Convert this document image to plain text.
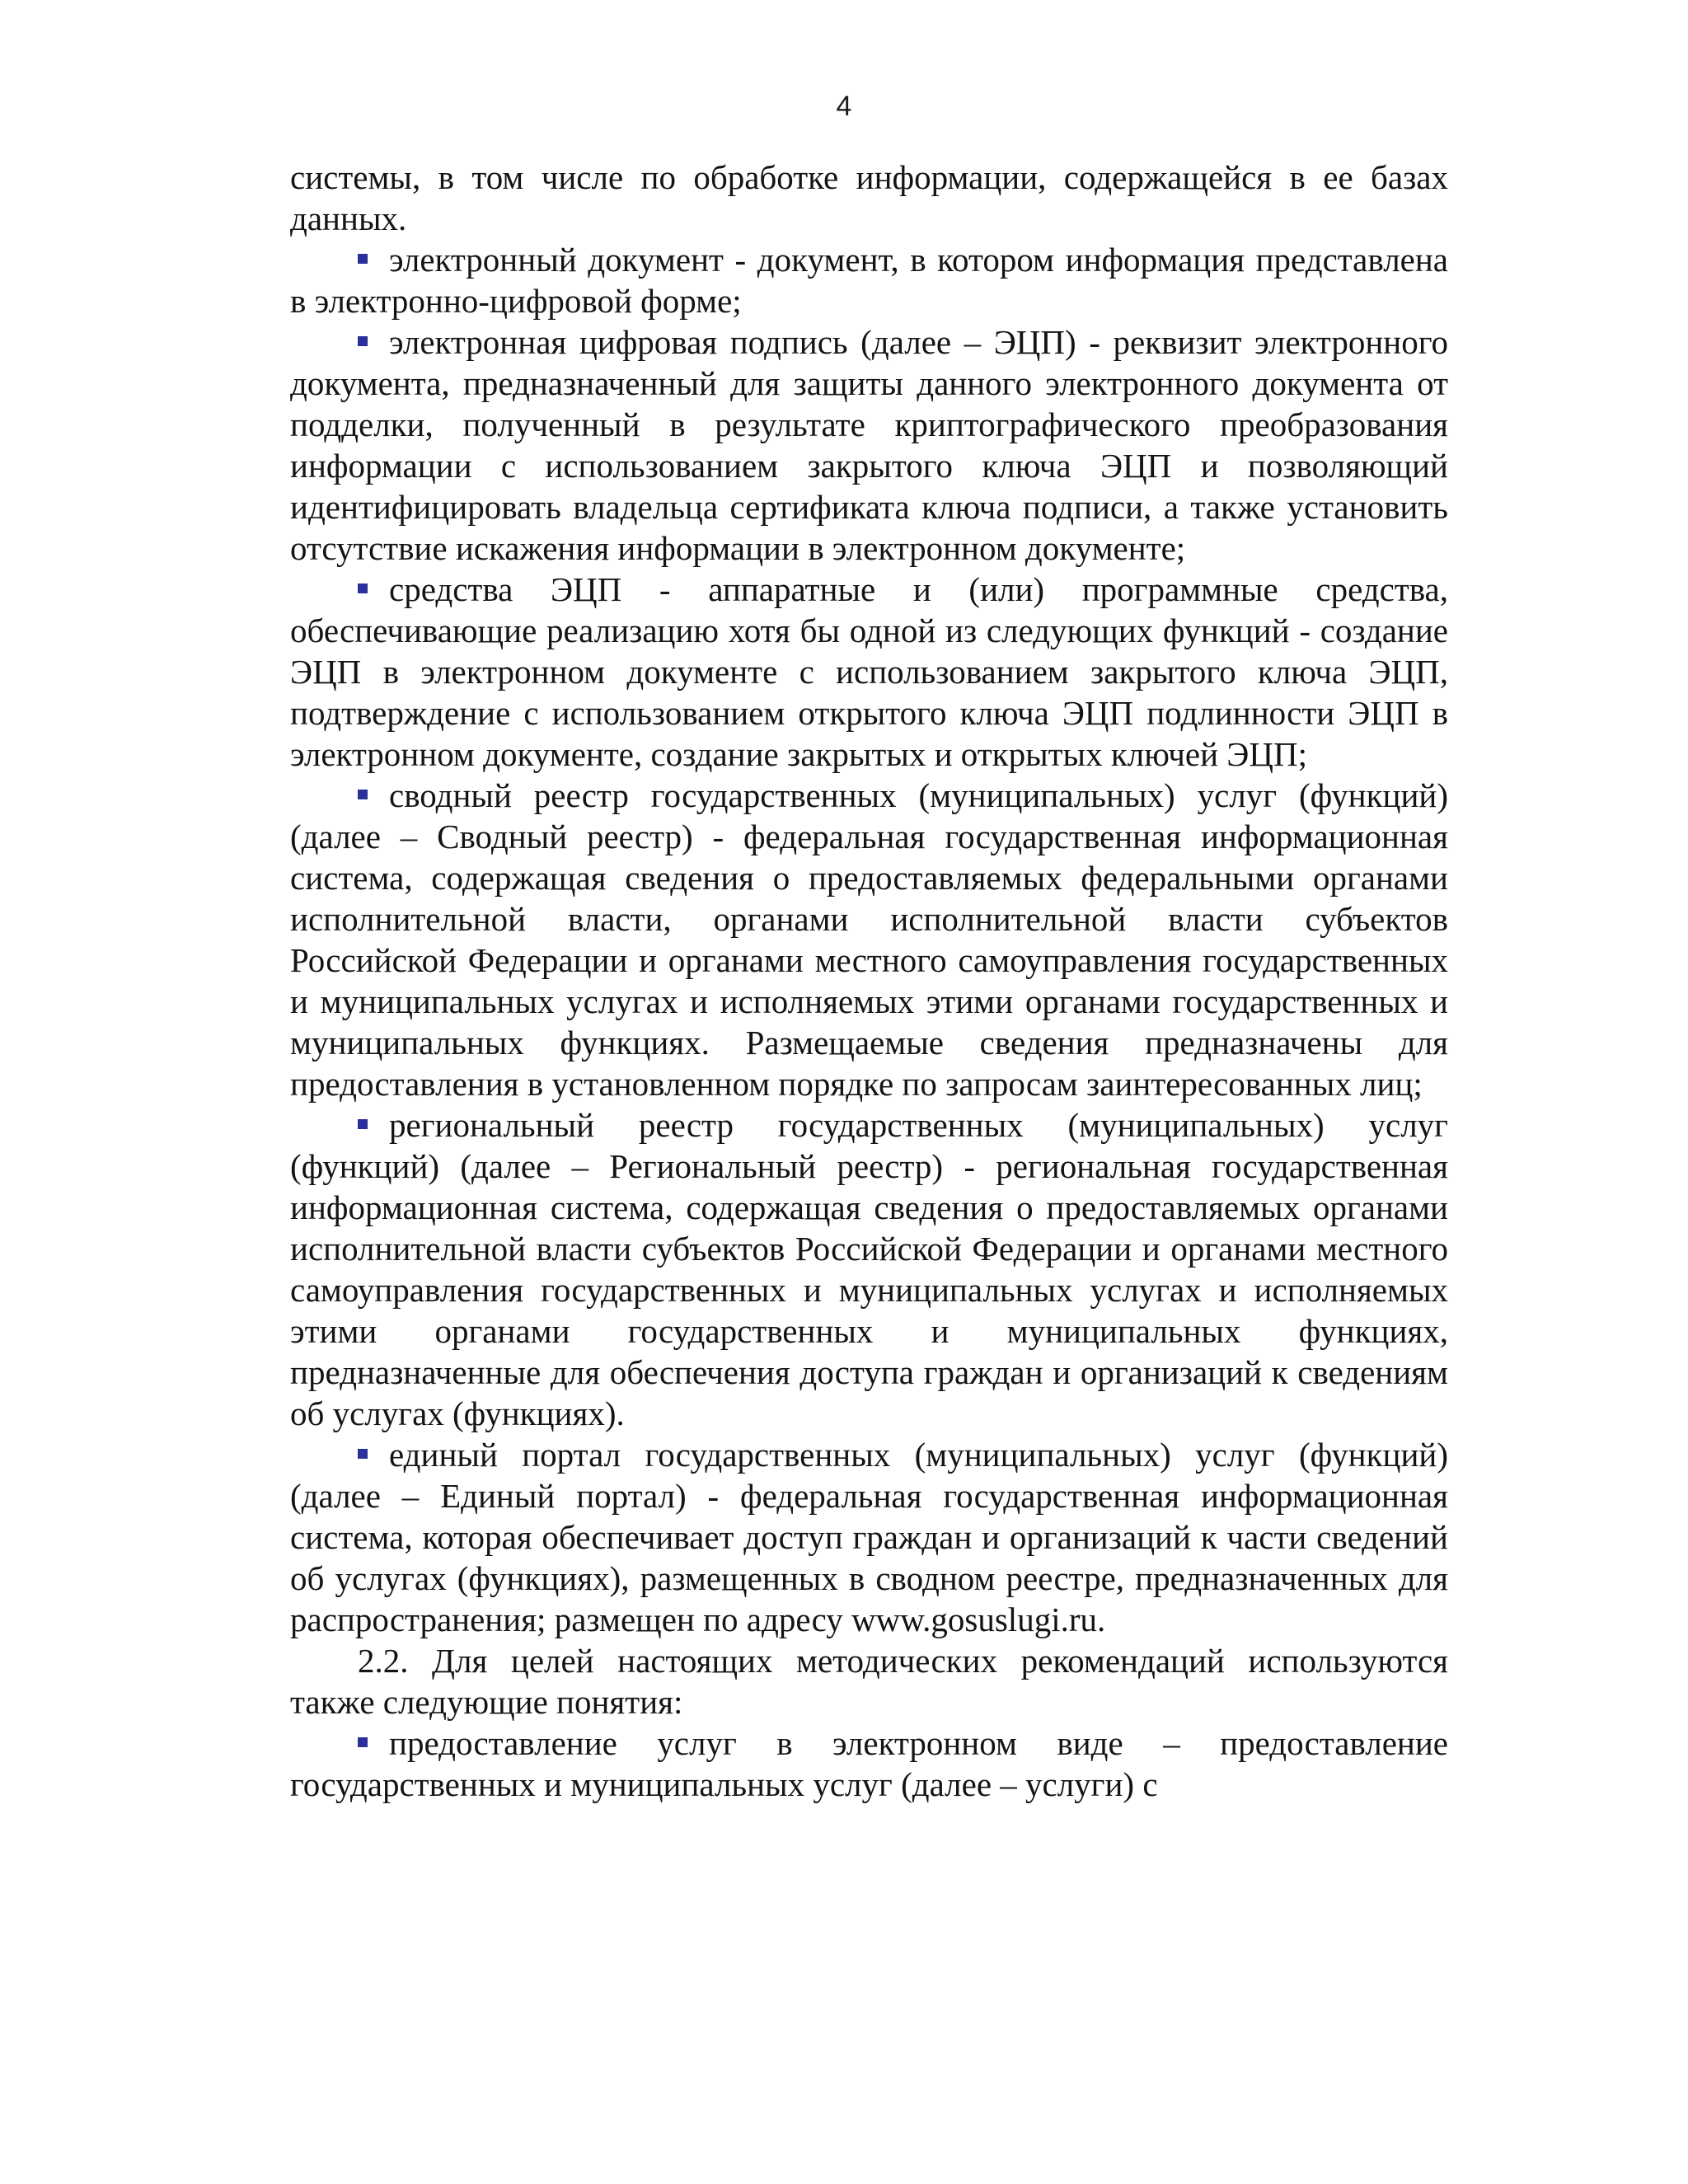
4

системы, в том числе по обработке информации, содержащейся в ее базах данных.

электронный документ - документ, в котором информация представлена в электронно-цифровой форме;

электронная цифровая подпись (далее – ЭЦП) - реквизит электронного документа, предназначенный для защиты данного электронного документа от подделки, полученный в результате криптографического преобразования информации с использованием закрытого ключа ЭЦП и позволяющий идентифицировать владельца сертификата ключа подписи, а также установить отсутствие искажения информации в электронном документе;

средства ЭЦП - аппаратные и (или) программные средства, обеспечивающие реализацию хотя бы одной из следующих функций - создание ЭЦП в электронном документе с использованием закрытого ключа ЭЦП, подтверждение с использованием открытого ключа ЭЦП подлинности ЭЦП в электронном документе, создание закрытых и открытых ключей ЭЦП;

сводный реестр государственных (муниципальных) услуг (функций) (далее – Сводный реестр) - федеральная государственная информационная система, содержащая сведения о предоставляемых федеральными органами исполнительной власти, органами исполнительной власти субъектов Российской Федерации и органами местного самоуправления государственных и муниципальных услугах и исполняемых этими органами государственных и муниципальных функциях. Размещаемые сведения предназначены для предоставления в установленном порядке по запросам заинтересованных лиц;

региональный реестр государственных (муниципальных) услуг (функций) (далее – Региональный реестр) - региональная государственная информационная система, содержащая сведения о предоставляемых органами исполнительной власти субъектов Российской Федерации и органами местного самоуправления государственных и муниципальных услугах и исполняемых этими органами государственных и муниципальных функциях, предназначенные для обеспечения доступа граждан и организаций к сведениям об услугах (функциях).

единый портал государственных (муниципальных) услуг (функций) (далее – Единый портал) - федеральная государственная информационная система, которая обеспечивает доступ граждан и организаций к части сведений об услугах (функциях), размещенных в сводном реестре, предназначенных для распространения; размещен по адресу www.gosuslugi.ru.

2.2. Для целей настоящих методических рекомендаций используются также следующие понятия:

предоставление услуг в электронном виде – предоставление государственных и муниципальных услуг (далее – услуги) с
